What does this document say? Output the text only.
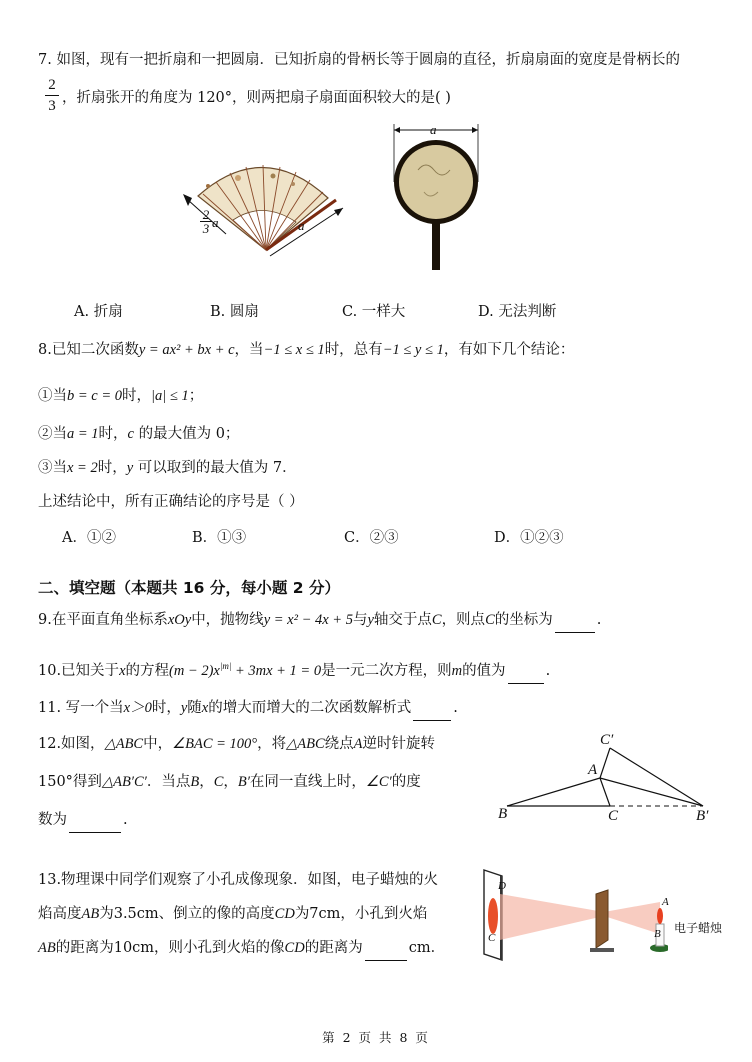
7. 如图，现有一把折扇和一把圆扇．已知折扇的骨柄长等于圆扇的直径，折扇扇面的宽度是骨柄长的
2
3 ，折扇张开的角度为 120°，则两把扇子扇面面积较大的是( )
2
3 a	a
a
A. 折扇	B. 圆扇	C. 一样大	D. 无法判断
8.已知二次函数y = ax² + bx + c，当−1 ≤ x ≤ 1时，总有−1 ≤ y ≤ 1，有如下几个结论：
①当b = c = 0时，|a| ≤ 1；
②当a = 1时，c 的最大值为 0；
③当x = 2时，y 可以取到的最大值为 7．
上述结论中，所有正确结论的序号是（ ）
A．①②	B．①③	C．②③	D．①②③
二、填空题（本题共 16 分，每小题 2 分）
9.在平面直角坐标系xOy中，抛物线y = x² − 4x + 5与y轴交于点C，则点C的坐标为	.
10.已知关于x的方程$(m - 2)x^{|m|} + 3mx + 1 = 0$是一元二次方程，则m的值为	.
11. 写一个当x＞0时，y随x的增大而增大的二次函数解析式	.
12.如图，△ABC中，∠BAC = 100°，将△ABC绕点A逆时针旋转
150°得到△AB′C′．当点B，C，B′在同一直线上时，∠C′的度
数为	.
C′
A
B	C	B′
13.物理课中同学们观察了小孔成像现象．如图，电子蜡烛的火
焰高度AB为3.5cm、倒立的像的高度CD为7cm，小孔到火焰
AB的距离为10cm，则小孔到火焰的像CD的距离为	cm．
D
C
A
B 电子蜡烛
第 2 页 共 8 页
